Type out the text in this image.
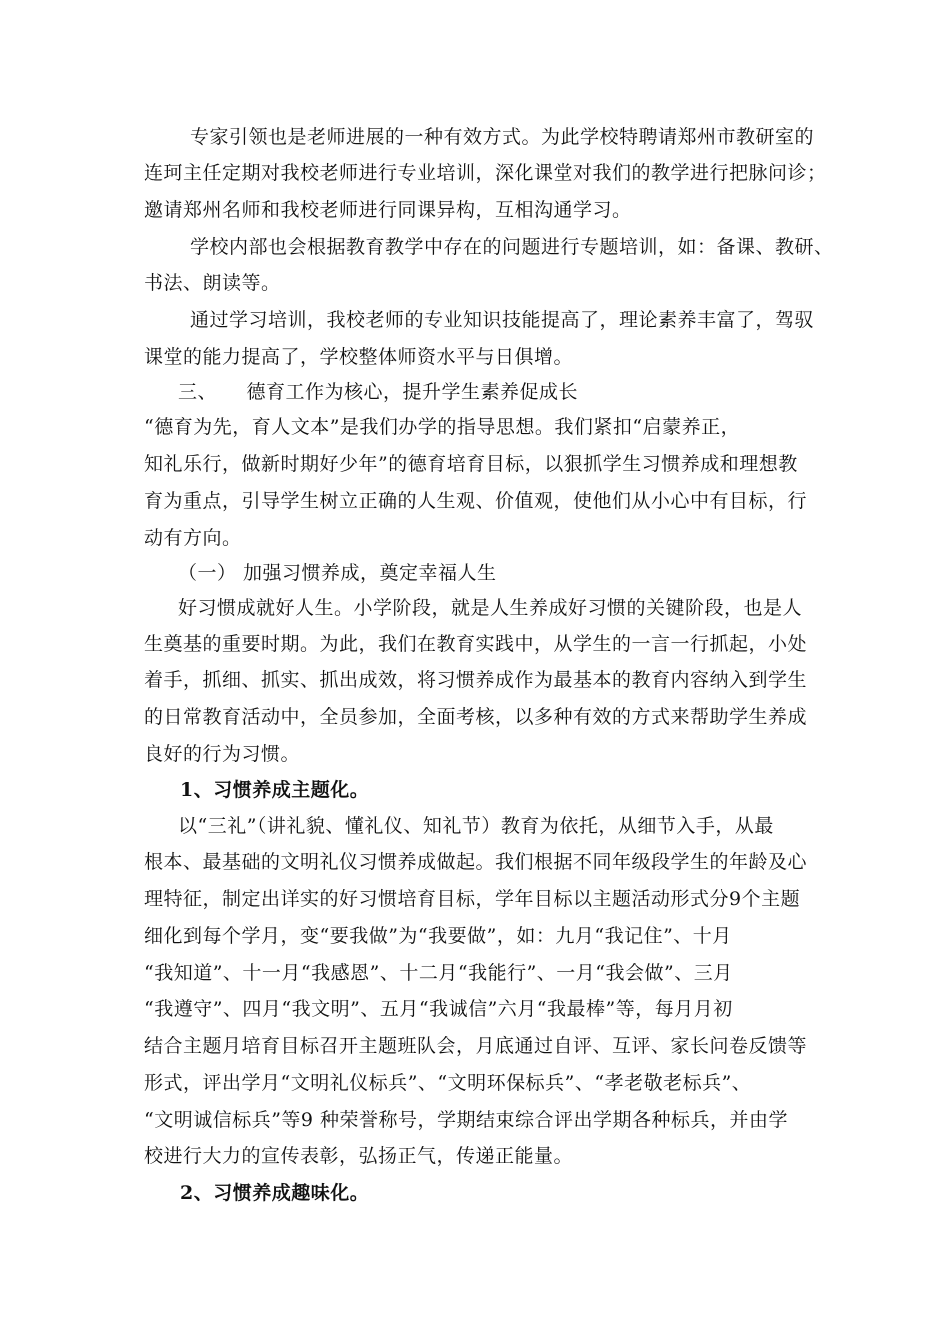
专家引领也是老师进展的一种有效方式。为此学校特聘请郑州市教研室的
连珂主任定期对我校老师进行专业培训，深化课堂对我们的教学进行把脉问诊；
邀请郑州名师和我校老师进行同课异构，互相沟通学习。
学校内部也会根据教育教学中存在的问题进行专题培训，如：备课、教研、
书法、朗读等。
通过学习培训，我校老师的专业知识技能提高了，理论素养丰富了，驾驭
课堂的能力提高了，学校整体师资水平与日俱增。
三、　　德育工作为核心，提升学生素养促成长
“德育为先，育人文本”是我们办学的指导思想。我们紧扣“启蒙养正，
知礼乐行，做新时期好少年”的德育培育目标，以狠抓学生习惯养成和理想教
育为重点，引导学生树立正确的人生观、价值观，使他们从小心中有目标，行
动有方向。
（一） 加强习惯养成，奠定幸福人生
好习惯成就好人生。小学阶段，就是人生养成好习惯的关键阶段，也是人
生奠基的重要时期。为此，我们在教育实践中，从学生的一言一行抓起，小处
着手，抓细、抓实、抓出成效，将习惯养成作为最基本的教育内容纳入到学生
的日常教育活动中，全员参加，全面考核，以多种有效的方式来帮助学生养成
良好的行为习惯。
1、习惯养成主题化。
以“三礼”（讲礼貌、懂礼仪、知礼节）教育为依托，从细节入手，从最
根本、最基础的文明礼仪习惯养成做起。我们根据不同年级段学生的年龄及心
理特征，制定出详实的好习惯培育目标，学年目标以主题活动形式分9个主题
细化到每个学月，变“要我做”为“我要做”，如：九月“我记住”、十月
“我知道”、十一月“我感恩”、十二月“我能行”、一月“我会做”、三月
“我遵守”、四月“我文明”、五月“我诚信”六月“我最棒”等，每月月初
结合主题月培育目标召开主题班队会，月底通过自评、互评、家长问卷反馈等
形式，评出学月“文明礼仪标兵”、“文明环保标兵”、“孝老敬老标兵”、
“文明诚信标兵”等9 种荣誉称号，学期结束综合评出学期各种标兵，并由学
校进行大力的宣传表彰，弘扬正气，传递正能量。
2、习惯养成趣味化。
